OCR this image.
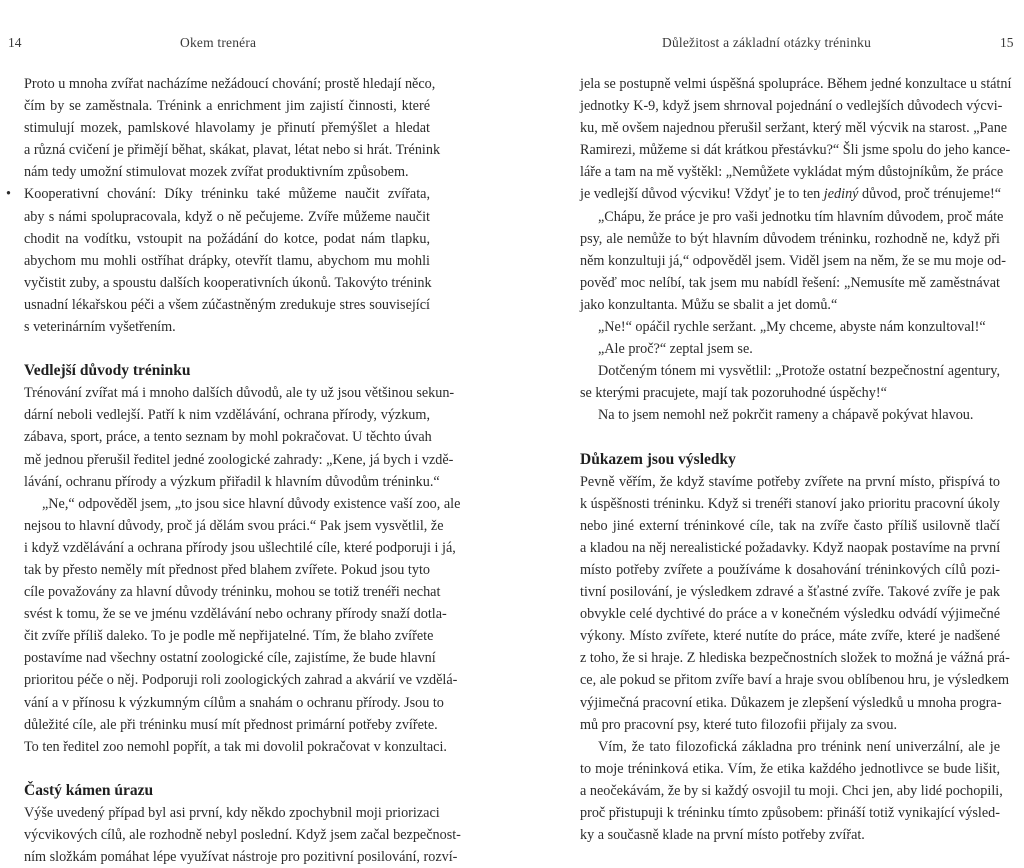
14	Okem trenéra
Proto u mnoha zvířat nacházíme nežádoucí chování; prostě hledají něco,
čím by se zaměstnala. Trénink a enrichment jim zajistí činnosti, které
stimulují mozek, pamlskové hlavolamy je přinutí přemýšlet a hledat
a různá cvičení je přimějí běhat, skákat, plavat, létat nebo si hrát. Trénink
nám tedy umožní stimulovat mozek zvířat produktivním způsobem.
• Kooperativní chování: Díky tréninku také můžeme naučit zvířata,
aby s námi spolupracovala, když o ně pečujeme. Zvíře můžeme naučit
chodit na vodítku, vstoupit na požádání do kotce, podat nám tlapku,
abychom mu mohli ostříhat drápky, otevřít tlamu, abychom mu mohli
vyčistit zuby, a spoustu dalších kooperativních úkonů. Takovýto trénink
usnadní lékařskou péči a všem zúčastněným zredukuje stres související
s veterinárním vyšetřením.
Vedlejší důvody tréninku
Trénování zvířat má i mnoho dalších důvodů, ale ty už jsou většinou sekun-
dární neboli vedlejší. Patří k nim vzdělávání, ochrana přírody, výzkum,
zábava, sport, práce, a tento seznam by mohl pokračovat. U těchto úvah
mě jednou přerušil ředitel jedné zoologické zahrady: „Kene, já bych i vzdě-
lávání, ochranu přírody a výzkum přiřadil k hlavním důvodům tréninku.“
„Ne,“ odpověděl jsem, „to jsou sice hlavní důvody existence vaší zoo, ale
nejsou to hlavní důvody, proč já dělám svou práci.“ Pak jsem vysvětlil, že
i když vzdělávání a ochrana přírody jsou ušlechtilé cíle, které podporuji i já,
tak by přesto neměly mít přednost před blahem zvířete. Pokud jsou tyto
cíle považovány za hlavní důvody tréninku, mohou se totiž trenéři nechat
svést k tomu, že se ve jménu vzdělávání nebo ochrany přírody snaží dotla-
čit zvíře příliš daleko. To je podle mě nepřijatelné. Tím, že blaho zvířete
postavíme nad všechny ostatní zoologické cíle, zajistíme, že bude hlavní
prioritou péče o něj. Podporuji roli zoologických zahrad a akvárií ve vzdělá-
vání a v přínosu k výzkumným cílům a snahám o ochranu přírody. Jsou to
důležité cíle, ale při tréninku musí mít přednost primární potřeby zvířete.
To ten ředitel zoo nemohl popřít, a tak mi dovolil pokračovat v konzultaci.
Častý kámen úrazu
Výše uvedený případ byl asi první, kdy někdo zpochybnil moji priorizaci
výcvikových cílů, ale rozhodně nebyl poslední. Když jsem začal bezpečnost-
ním složkám pomáhat lépe využívat nástroje pro pozitivní posilování, rozví-
Důležitost a základní otázky tréninku	15
jela se postupně velmi úspěšná spolupráce. Během jedné konzultace u státní
jednotky K-9, když jsem shrnoval pojednání o vedlejších důvodech výcvi-
ku, mě ovšem najednou přerušil seržant, který měl výcvik na starost. „Pane
Ramirezi, můžeme si dát krátkou přestávku?“ Šli jsme spolu do jeho kance-
láře a tam na mě vyštěkl: „Nemůžete vykládat mým důstojníkům, že práce
je vedlejší důvod výcviku! Vždyť je to ten jediný důvod, proč trénujeme!“
„Chápu, že práce je pro vaši jednotku tím hlavním důvodem, proč máte
psy, ale nemůže to být hlavním důvodem tréninku, rozhodně ne, když při
něm konzultuji já,“ odpověděl jsem. Viděl jsem na něm, že se mu moje od-
pověď moc nelíbí, tak jsem mu nabídl řešení: „Nemusíte mě zaměstnávat
jako konzultanta. Můžu se sbalit a jet domů.“
„Ne!“ opáčil rychle seržant. „My chceme, abyste nám konzultoval!“
„Ale proč?“ zeptal jsem se.
Dotčeným tónem mi vysvětlil: „Protože ostatní bezpečnostní agentury,
se kterými pracujete, mají tak pozoruhodné úspěchy!“
Na to jsem nemohl než pokrčit rameny a chápavě pokývat hlavou.
Důkazem jsou výsledky
Pevně věřím, že když stavíme potřeby zvířete na první místo, přispívá to
k úspěšnosti tréninku. Když si trenéři stanoví jako prioritu pracovní úkoly
nebo jiné externí tréninkové cíle, tak na zvíře často příliš usilovně tlačí
a kladou na něj nerealistické požadavky. Když naopak postavíme na první
místo potřeby zvířete a používáme k dosahování tréninkových cílů pozi-
tivní posilování, je výsledkem zdravé a šťastné zvíře. Takové zvíře je pak
obvykle celé dychtivé do práce a v konečném výsledku odvádí výjimečné
výkony. Místo zvířete, které nutíte do práce, máte zvíře, které je nadšené
z toho, že si hraje. Z hlediska bezpečnostních složek to možná je vážná prá-
ce, ale pokud se přitom zvíře baví a hraje svou oblíbenou hru, je výsledkem
výjimečná pracovní etika. Důkazem je zlepšení výsledků u mnoha progra-
mů pro pracovní psy, které tuto filozofii přijaly za svou.
Vím, že tato filozofická základna pro trénink není univerzální, ale je
to moje tréninková etika. Vím, že etika každého jednotlivce se bude lišit,
a neočekávám, že by si každý osvojil tu moji. Chci jen, aby lidé pochopili,
proč přistupuji k tréninku tímto způsobem: přináší totiž vynikající výsled-
ky a současně klade na první místo potřeby zvířat.
